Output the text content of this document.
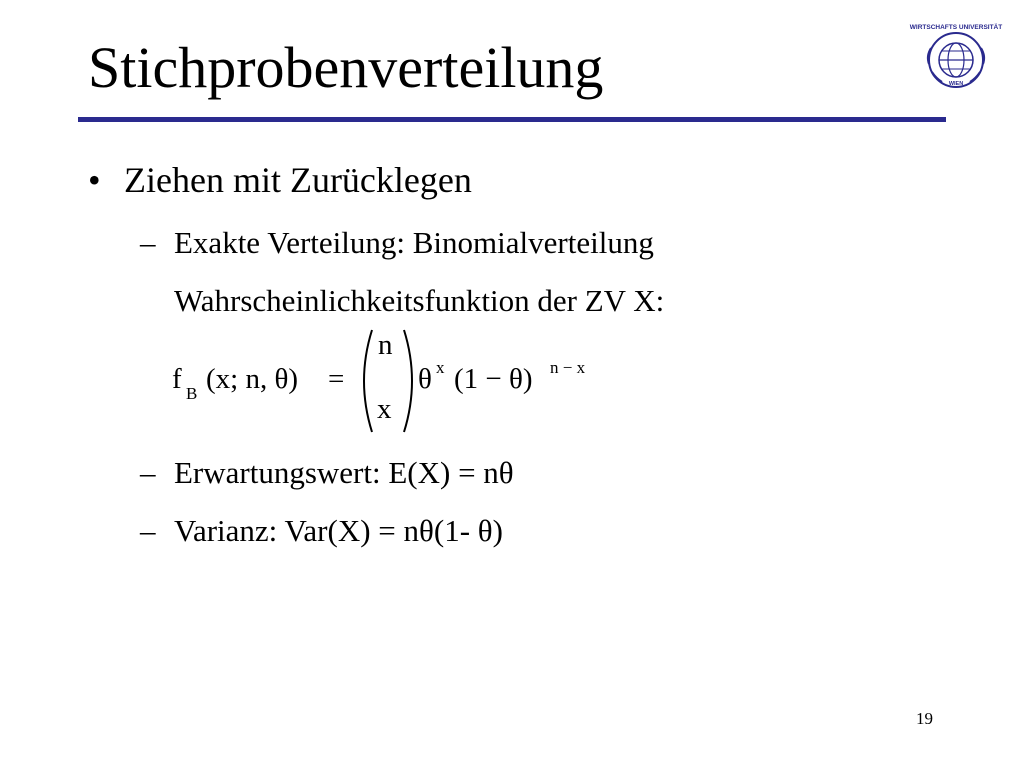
Stichprobenverteilung
WIRTSCHAFTS UNIVERSITÄT
WIEN
• Ziehen mit Zurücklegen
– Exakte Verteilung: Binomialverteilung
Wahrscheinlichkeitsfunktion der ZV X:
f B (x; n, θ) =
n
x
θ x (1 − θ) n − x
– Erwartungswert: E(X) = nθ
– Varianz: Var(X) = nθ(1- θ)
19
